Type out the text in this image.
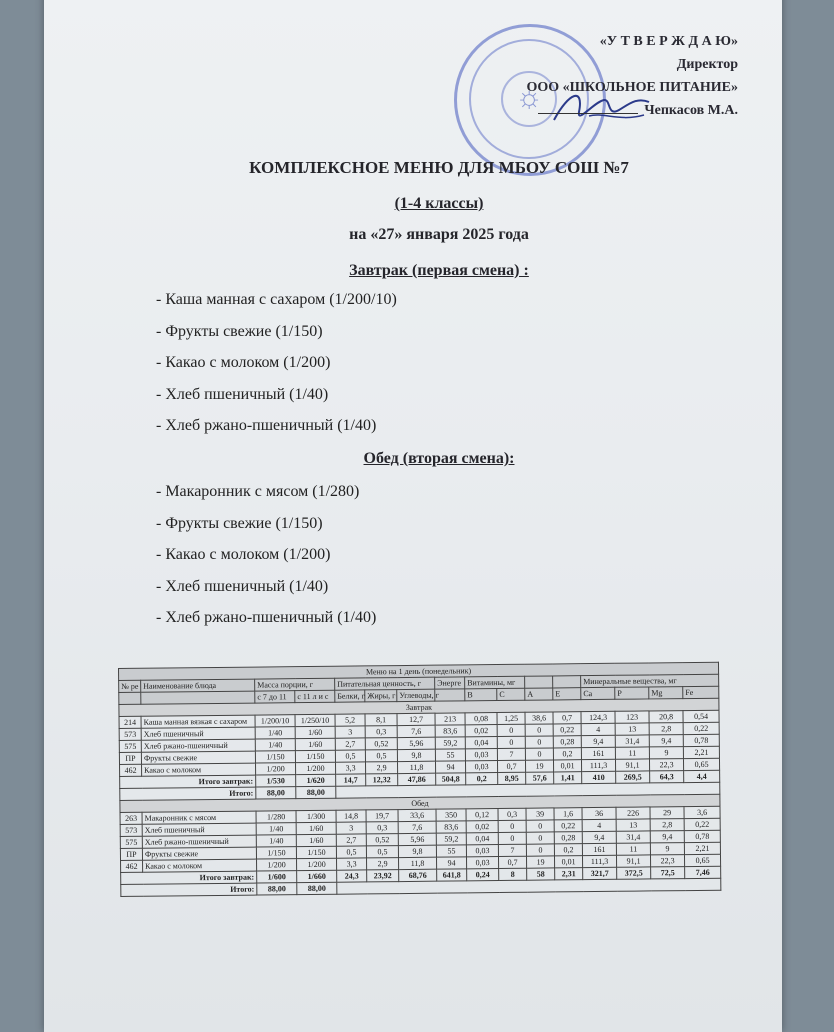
☼
«У Т В Е Р Ж Д А Ю»
Директор
ООО «ШКОЛЬНОЕ ПИТАНИЕ»
Чепкасов М.А.
КОМПЛЕКСНОЕ МЕНЮ ДЛЯ МБОУ СОШ №7
(1-4 классы)
на «27» января 2025 года
Завтрак (первая смена) :
- Каша манная с сахаром (1/200/10)
- Фрукты свежие (1/150)
- Какао с молоком (1/200)
- Хлеб пшеничный (1/40)
- Хлеб ржано-пшеничный (1/40)
Обед (вторая смена):
- Макаронник с мясом (1/280)
- Фрукты свежие (1/150)
- Какао с молоком (1/200)
- Хлеб пшеничный (1/40)
- Хлеб ржано-пшеничный (1/40)
Меню на 1 день (понедельник)															
№ ре	Наименование блюда	Масса порции, г		Питательная ценность, г			Энерге	Витамины, мг				Минеральные вещества, мг			
		с 7 до 11	с 11 л и с	Белки, г	Жиры, г	Углеводы, г		В	С	А	Е	Ca	P	Mg	Fe
Завтрак															
214	Каша манная вязкая с сахаром	1/200/10	1/250/10	5,2	8,1	12,7	213	0,08	1,25	38,6	0,7	124,3	123	20,8	0,54
573	Хлеб пшеничный	1/40	1/60	3	0,3	7,6	83,6	0,02	0	0	0,22	4	13	2,8	0,22
575	Хлеб ржано-пшеничный	1/40	1/60	2,7	0,52	5,96	59,2	0,04	0	0	0,28	9,4	31,4	9,4	0,78
ПР	Фрукты свежие	1/150	1/150	0,5	0,5	9,8	55	0,03	7	0	0,2	161	11	9	2,21
462	Какао с молоком	1/200	1/200	3,3	2,9	11,8	94	0,03	0,7	19	0,01	111,3	91,1	22,3	0,65
Итого завтрак:		1/530	1/620	14,7	12,32	47,86	504,8	0,2	8,95	57,6	1,41	410	269,5	64,3	4,4
Итого:		88,00	88,00												
Обед															
263	Макаронник с мясом	1/280	1/300	14,8	19,7	33,6	350	0,12	0,3	39	1,6	36	226	29	3,6
573	Хлеб пшеничный	1/40	1/60	3	0,3	7,6	83,6	0,02	0	0	0,22	4	13	2,8	0,22
575	Хлеб ржано-пшеничный	1/40	1/60	2,7	0,52	5,96	59,2	0,04	0	0	0,28	9,4	31,4	9,4	0,78
ПР	Фрукты свежие	1/150	1/150	0,5	0,5	9,8	55	0,03	7	0	0,2	161	11	9	2,21
462	Какао с молоком	1/200	1/200	3,3	2,9	11,8	94	0,03	0,7	19	0,01	111,3	91,1	22,3	0,65
Итого завтрак:		1/600	1/660	24,3	23,92	68,76	641,8	0,24	8	58	2,31	321,7	372,5	72,5	7,46
Итого:		88,00	88,00												
